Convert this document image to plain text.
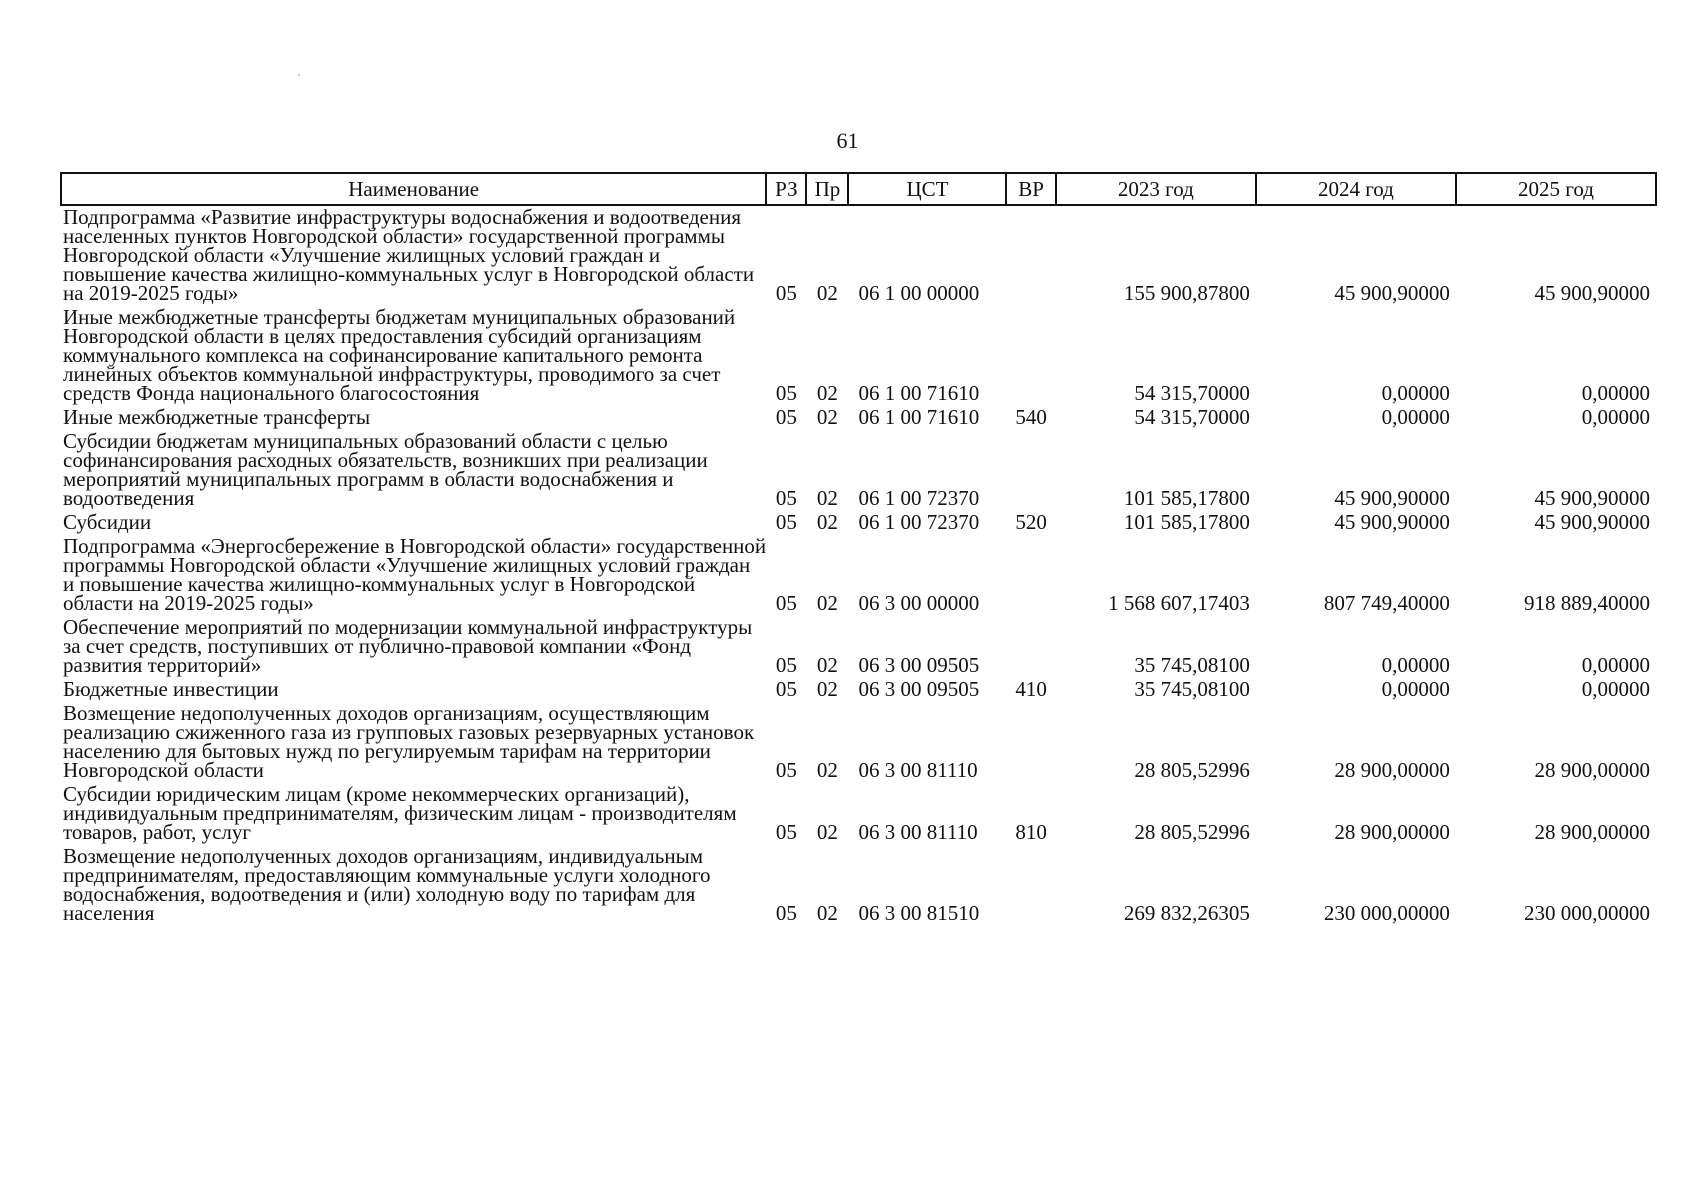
61
Наименование	РЗ	Пр	ЦСТ	ВР	2023 год	2024 год	2025 год
Подпрограмма «Развитие инфраструктуры водоснабжения и водоотведения населенных пунктов Новгородской области» государственной программы Новгородской области «Улучшение жилищных условий граждан и повышение качества жилищно-коммунальных услуг в Новгородской области на 2019-2025 годы»	05	02	06 1 00 00000		155 900,87800	45 900,90000	45 900,90000
Иные межбюджетные трансферты бюджетам муниципальных образований Новгородской области в целях предоставления субсидий организациям коммунального комплекса на софинансирование капитального ремонта линейных объектов коммунальной инфраструктуры, проводимого за счет средств Фонда национального благосостояния	05	02	06 1 00 71610		54 315,70000	0,00000	0,00000
Иные межбюджетные трансферты	05	02	06 1 00 71610	540	54 315,70000	0,00000	0,00000
Субсидии бюджетам муниципальных образований области с целью софинансирования расходных обязательств, возникших при реализации мероприятий муниципальных программ в области водоснабжения и водоотведения	05	02	06 1 00 72370		101 585,17800	45 900,90000	45 900,90000
Субсидии	05	02	06 1 00 72370	520	101 585,17800	45 900,90000	45 900,90000
Подпрограмма «Энергосбережение в Новгородской области» государственной программы Новгородской области «Улучшение жилищных условий граждан и повышение качества жилищно-коммунальных услуг в Новгородской области на 2019-2025 годы»	05	02	06 3 00 00000		1 568 607,17403	807 749,40000	918 889,40000
Обеспечение мероприятий по модернизации коммунальной инфраструктуры за счет средств, поступивших от публично-правовой компании «Фонд развития территорий»	05	02	06 3 00 09505		35 745,08100	0,00000	0,00000
Бюджетные инвестиции	05	02	06 3 00 09505	410	35 745,08100	0,00000	0,00000
Возмещение недополученных доходов организациям, осуществляющим реализацию сжиженного газа из групповых газовых резервуарных установок населению для бытовых нужд по регулируемым тарифам на территории Новгородской области	05	02	06 3 00 81110		28 805,52996	28 900,00000	28 900,00000
Субсидии юридическим лицам (кроме некоммерческих организаций), индивидуальным предпринимателям, физическим лицам - производителям товаров, работ, услуг	05	02	06 3 00 81110	810	28 805,52996	28 900,00000	28 900,00000
Возмещение недополученных доходов организациям, индивидуальным предпринимателям, предоставляющим коммунальные услуги холодного водоснабжения, водоотведения и (или) холодную воду по тарифам для населения	05	02	06 3 00 81510		269 832,26305	230 000,00000	230 000,00000
